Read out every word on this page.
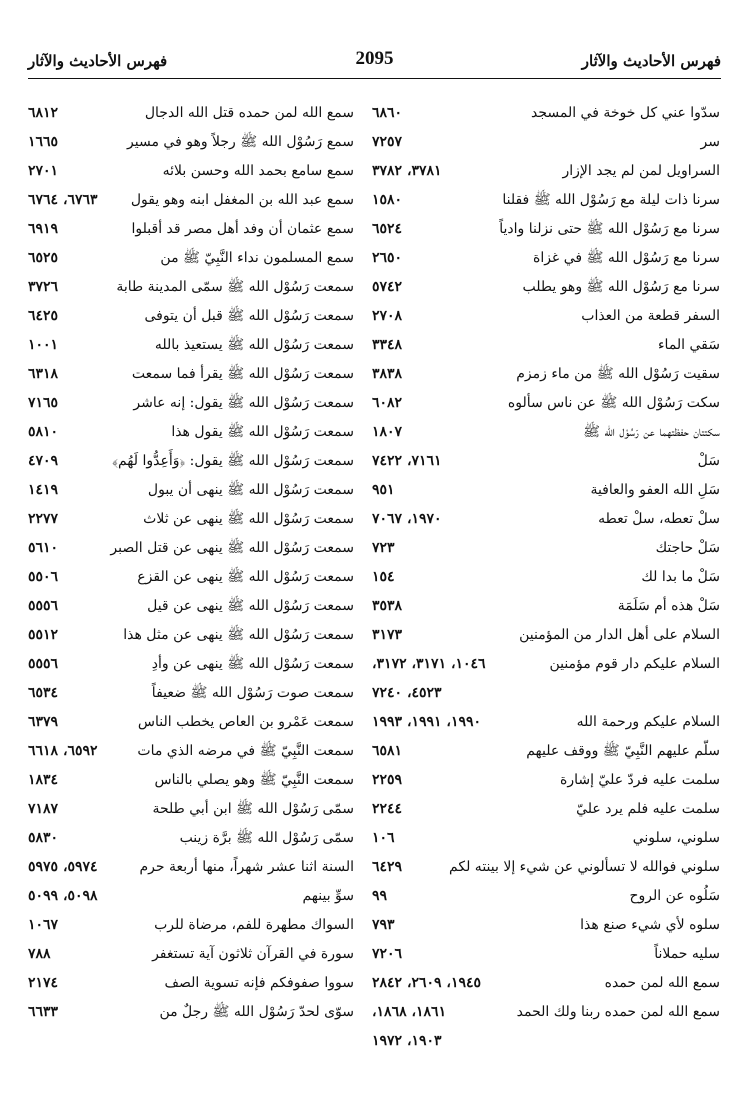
فهرس الأحاديث والآثار
2095
فهرس الأحاديث والآثار
سدّوا عني كل خوخة في المسجد
٦٨٦٠
سر
٧٢٥٧
السراويل لمن لم يجد الإزار
٣٧٨١، ٣٧٨٢
سرنا ذات ليلة مع رَسُوْل الله ﷺ فقلنا
١٥٨٠
سرنا مع رَسُوْل الله ﷺ حتى نزلنا وادياً
٦٥٢٤
سرنا مع رَسُوْل الله ﷺ في غزاة
٢٦٥٠
سرنا مع رَسُوْل الله ﷺ وهو يطلب
٥٧٤٢
السفر قطعة من العذاب
٢٧٠٨
سَقي الماء
٣٣٤٨
سقيت رَسُوْل الله ﷺ من ماء زمزم
٣٨٣٨
سكت رَسُوْل الله ﷺ عن ناس سألوه
٦٠٨٢
سكتتان حفظتهما عن رَسُوْل الله ﷺ
١٨٠٧
سَلْ
٧١٦١، ٧٤٢٢
سَلِ الله العفو والعافية
٩٥١
سلْ تعطه، سلْ تعطه
١٩٧٠، ٧٠٦٧
سَلْ حاجتك
٧٢٣
سَلْ ما بدا لك
١٥٤
سَلْ هذه أم سَلَمَة
٣٥٣٨
السلام على أهل الدار من المؤمنين
٣١٧٣
السلام عليكم دار قوم مؤمنين
١٠٤٦، ٣١٧١، ٣١٧٢،
٤٥٢٣، ٧٢٤٠
السلام عليكم ورحمة الله
١٩٩٠، ١٩٩١، ١٩٩٣
سلّم عليهم النَّبِيّ ﷺ ووقف عليهم
٦٥٨١
سلمت عليه فردّ عليّ إشارة
٢٢٥٩
سلمت عليه فلم يرد عليّ
٢٢٤٤
سلوني، سلوني
١٠٦
سلوني فوالله لا تسألوني عن شيء إلا بينته لكم
٦٤٢٩
سَلُوه عن الروح
٩٩
سلوه لأي شيء صنع هذا
٧٩٣
سليه حملاناً
٧٢٠٦
سمع الله لمن حمده
١٩٤٥، ٢٦٠٩، ٢٨٤٢
سمع الله لمن حمده ربنا ولك الحمد
١٨٦١، ١٨٦٨،
١٩٠٣، ١٩٧٢
سمع الله لمن حمده قتل الله الدجال
٦٨١٢
سمع رَسُوْل الله ﷺ رجلاً وهو في مسير
١٦٦٥
سمع سامع بحمد الله وحسن بلائه
٢٧٠١
سمع عبد الله بن المغفل ابنه وهو يقول
٦٧٦٣، ٦٧٦٤
سمع عثمان أن وفد أهل مصر قد أقبلوا
٦٩١٩
سمع المسلمون نداء النَّبِيّ ﷺ من
٦٥٢٥
سمعت رَسُوْل الله ﷺ سمّى المدينة طابة
٣٧٢٦
سمعت رَسُوْل الله ﷺ قبل أن يتوفى
٦٤٢٥
سمعت رَسُوْل الله ﷺ يستعيذ بالله
١٠٠١
سمعت رَسُوْل الله ﷺ يقرأ فما سمعت
٦٣١٨
سمعت رَسُوْل الله ﷺ يقول: إنه عاشر
٧١٦٥
سمعت رَسُوْل الله ﷺ يقول هذا
٥٨١٠
سمعت رَسُوْل الله ﷺ يقول: ﴿وَأَعِدُّوا لَهُم﴾
٤٧٠٩
سمعت رَسُوْل الله ﷺ ينهى أن يبول
١٤١٩
سمعت رَسُوْل الله ﷺ ينهى عن ثلاث
٢٢٧٧
سمعت رَسُوْل الله ﷺ ينهى عن قتل الصبر
٥٦١٠
سمعت رَسُوْل الله ﷺ ينهى عن القزع
٥٥٠٦
سمعت رَسُوْل الله ﷺ ينهى عن قيل
٥٥٥٦
سمعت رَسُوْل الله ﷺ ينهى عن مثل هذا
٥٥١٢
سمعت رَسُوْل الله ﷺ ينهى عن وأدِ
٥٥٥٦
سمعت صوت رَسُوْل الله ﷺ ضعيفاً
٦٥٣٤
سمعت عَمْرو بن العاص يخطب الناس
٦٣٧٩
سمعت النَّبِيّ ﷺ في مرضه الذي مات
٦٥٩٢، ٦٦١٨
سمعت النَّبِيّ ﷺ وهو يصلي بالناس
١٨٣٤
سمّى رَسُوْل الله ﷺ ابن أبي طلحة
٧١٨٧
سمّى رَسُوْل الله ﷺ برَّة زينب
٥٨٣٠
السنة اثنا عشر شهراً، منها أربعة حرم
٥٩٧٤، ٥٩٧٥
سوِّ بينهم
٥٠٩٨، ٥٠٩٩
السواك مطهرة للفم، مرضاة للرب
١٠٦٧
سورة في القرآن ثلاثون آية تستغفر
٧٨٨
سووا صفوفكم فإنه تسوية الصف
٢١٧٤
سوّى لحدّ رَسُوْل الله ﷺ رجلٌ من
٦٦٣٣
